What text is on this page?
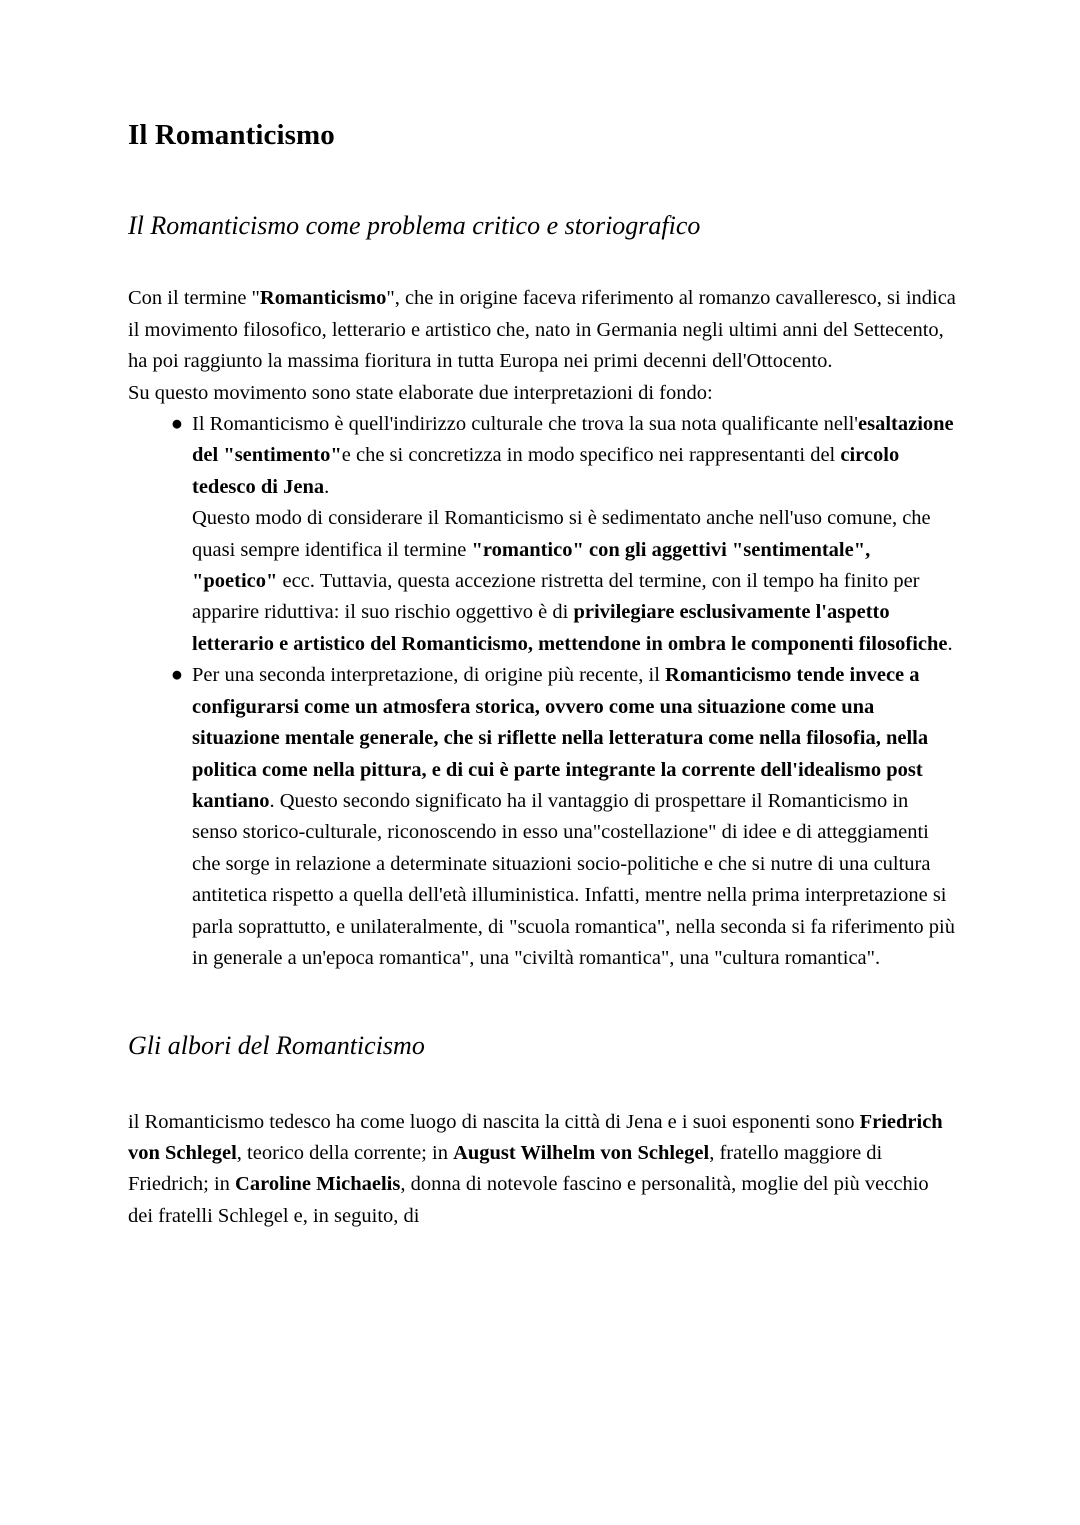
Il Romanticismo
Il Romanticismo come problema critico e storiografico

Con il termine "Romanticismo", che in origine faceva riferimento al romanzo cavalleresco, si indica il movimento filosofico, letterario e artistico che, nato in Germania negli ultimi anni del Settecento, ha poi raggiunto la massima fioritura in tutta Europa nei primi decenni dell'Ottocento.

Su questo movimento sono state elaborate due interpretazioni di fondo:

● Il Romanticismo è quell'indirizzo culturale che trova la sua nota qualificante nell'esaltazione del "sentimento"e che si concretizza in modo specifico nei rappresentanti del circolo tedesco di Jena.
Questo modo di considerare il Romanticismo si è sedimentato anche nell'uso comune, che quasi sempre identifica il termine "romantico" con gli aggettivi "sentimentale", "poetico" ecc. Tuttavia, questa accezione ristretta del termine, con il tempo ha finito per apparire riduttiva: il suo rischio oggettivo è di privilegiare esclusivamente l'aspetto letterario e artistico del Romanticismo, mettendone in ombra le componenti filosofiche.
● Per una seconda interpretazione, di origine più recente, il Romanticismo tende invece a configurarsi come un atmosfera storica, ovvero come una situazione come una situazione mentale generale, che si riflette nella letteratura come nella filosofia, nella politica come nella pittura, e di cui è parte integrante la corrente dell'idealismo post kantiano. Questo secondo significato ha il vantaggio di prospettare il Romanticismo in senso storico-culturale, riconoscendo in esso una"costellazione" di idee e di atteggiamenti che sorge in relazione a determinate situazioni socio-politiche e che si nutre di una cultura antitetica rispetto a quella dell'età illuministica. Infatti, mentre nella prima interpretazione si parla soprattutto, e unilateralmente, di "scuola romantica", nella seconda si fa riferimento più in generale a un'epoca romantica", una "civiltà romantica", una "cultura romantica".
Gli albori del Romanticismo

il Romanticismo tedesco ha come luogo di nascita la città di Jena e i suoi esponenti sono Friedrich von Schlegel, teorico della corrente; in August Wilhelm von Schlegel, fratello maggiore di Friedrich; in Caroline Michaelis, donna di notevole fascino e personalità, moglie del più vecchio dei fratelli Schlegel e, in seguito, di
